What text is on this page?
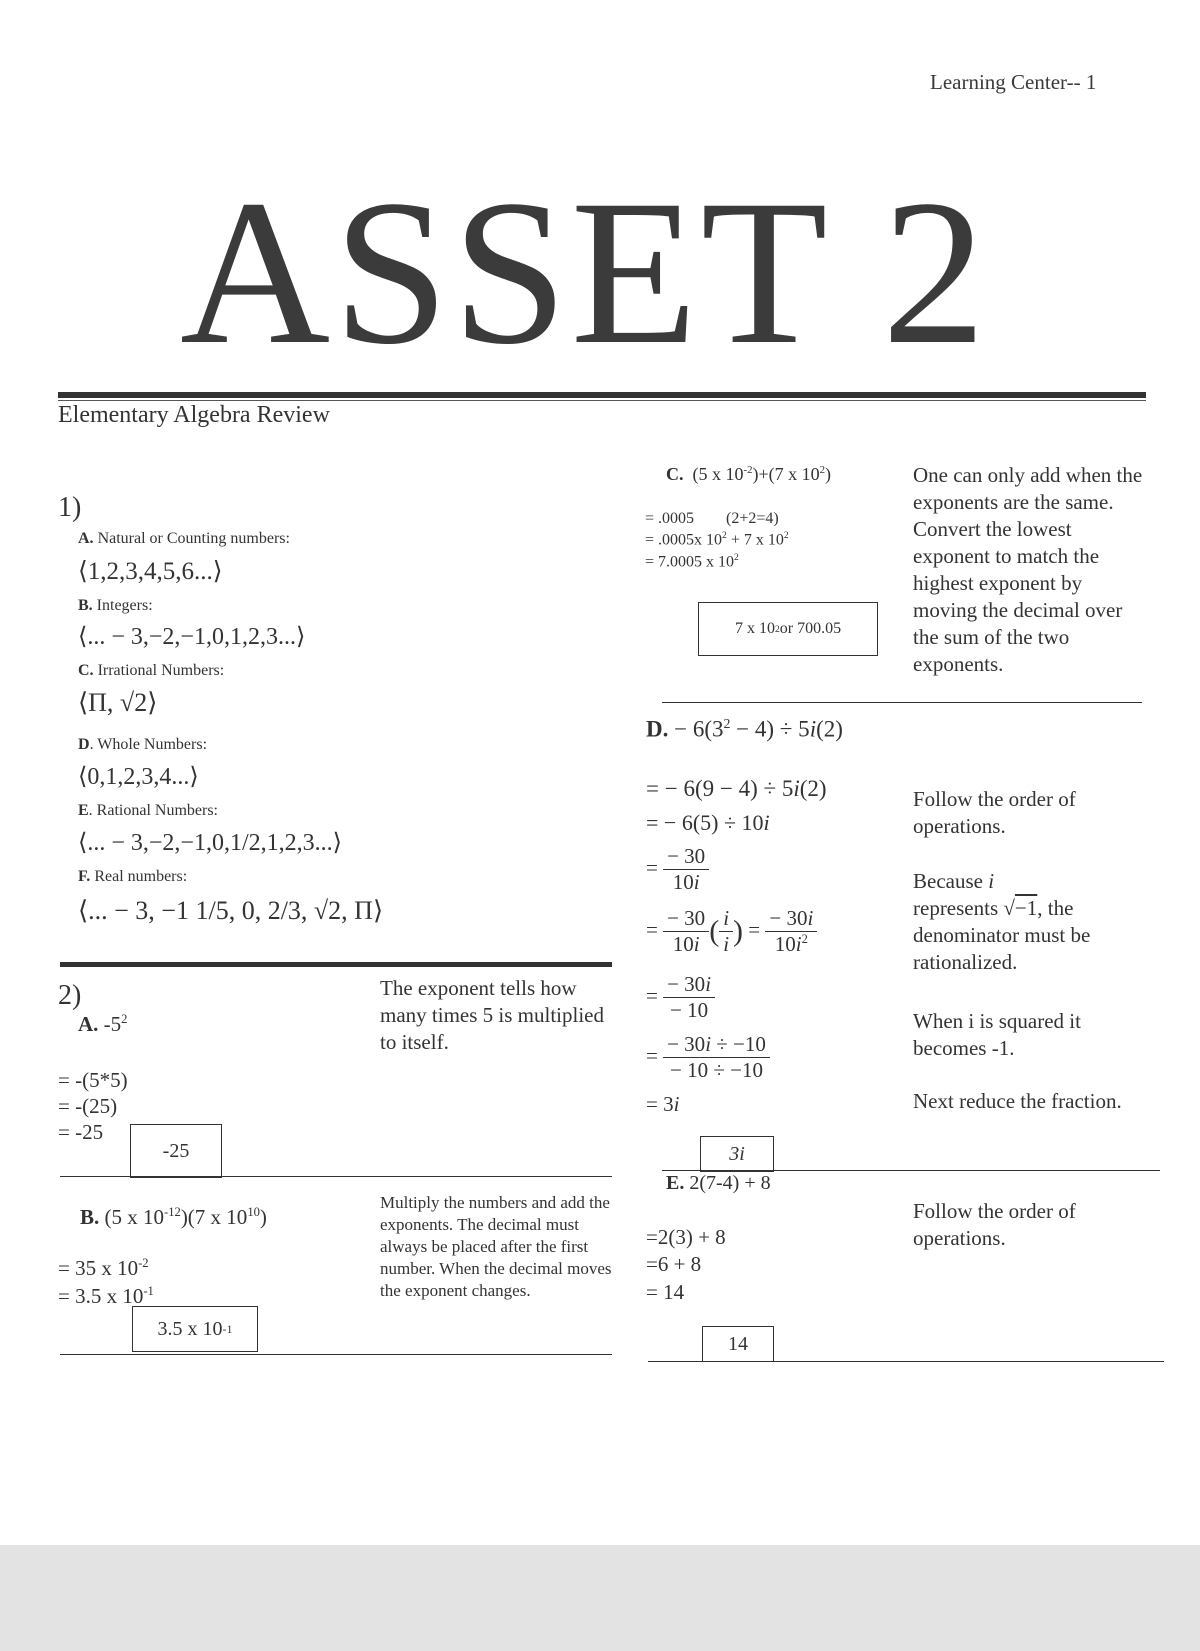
Learning Center-- 1
ASSET 2
Elementary Algebra Review
1)
A. Natural or Counting numbers:
⟨1,2,3,4,5,6...⟩
B. Integers:
⟨... − 3,−2,−1,0,1,2,3...⟩
C. Irrational Numbers:
⟨Π, √2⟩
D. Whole Numbers:
⟨0,1,2,3,4...⟩
E. Rational Numbers:
⟨... − 3,−2,−1,0,1/2,1,2,3...⟩
F. Real numbers:
⟨... − 3, −1 1/5, 0, 2/3, √2, Π⟩
2)
A. $-5^2$
The exponent tells how many times 5 is multiplied to itself.
= -(5*5)
= -(25)
= -25
-25
B. (5 x $10^{-12})(7$ x $10^{10}$)
Multiply the numbers and add the exponents. The decimal must always be placed after the first number. When the decimal moves the exponent changes.
= 35 x $10^{-2}$
= 3.5 x $10^{-1}$
3.5 x 10 -1
C.  (5 x $10^{-2})+(7$ x $10^2$)	One can only add when the exponents are the same. Convert the lowest exponent to match the highest exponent by moving the decimal over the sum of the two exponents.
= .0005 (2+2=4)
= .0005x $10^2 + 7$ x $10^2$
= 7.0005 x $10^2$
7 x 10 2 or 700.05
D. − $6(3^2 - 4) \div 5i(2)$
= − 6(9 − 4) ÷ 5i(2)
= − 6(5) ÷ 10i
= $\frac{- 30}{10i}$
= $\frac{- 30}{10i}$ ( $\frac{i}{i}$ ) = $\frac{- 30i}{10i^2}$
= $\frac{- 30i}{- 10}$
= $\frac{- 30i \div -10}{- 10 \div -10}$
= 3i
3i
Follow the order of operations.
Because i
represents √−1, the denominator must be rationalized.
When i is squared it becomes -1.
Next reduce the fraction.
E. 2(7-4) + 8
Follow the order of operations.
=2(3) + 8
=6 + 8
= 14
14
